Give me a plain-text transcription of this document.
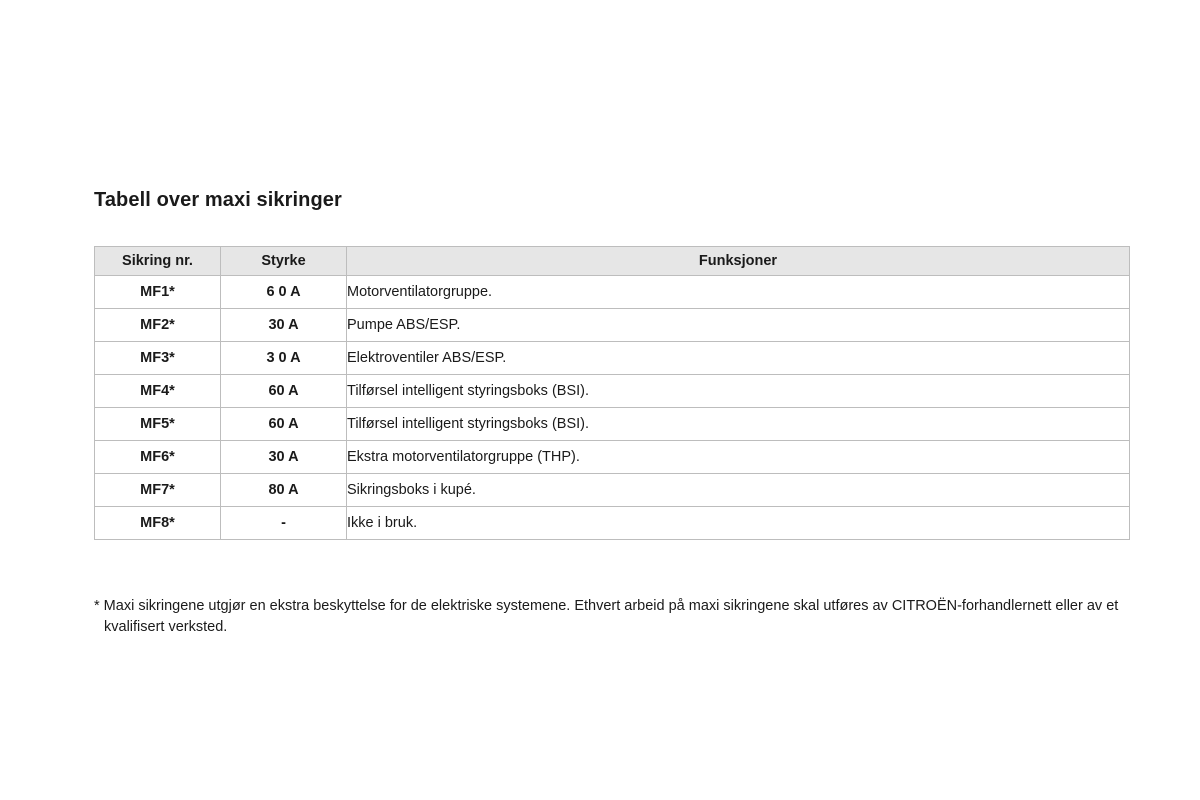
Tabell over maxi sikringer
Sikring nr.	Styrke	Funksjoner
MF1*	6 0 A	Motorventilatorgruppe.
MF2*	30 A	Pumpe ABS/ESP.
MF3*	3 0 A	Elektroventiler ABS/ESP.
MF4*	60 A	Tilførsel intelligent styringsboks (BSI).
MF5*	60 A	Tilførsel intelligent styringsboks (BSI).
MF6*	30 A	Ekstra motorventilatorgruppe (THP).
MF7*	80 A	Sikringsboks i kupé.
MF8*	-	Ikke i bruk.

* Maxi sikringene utgjør en ekstra beskyttelse for de elektriske systemene. Ethvert arbeid på maxi sikringene skal utføres av CITROËN-forhandlernett eller av et kvalifisert verksted.
